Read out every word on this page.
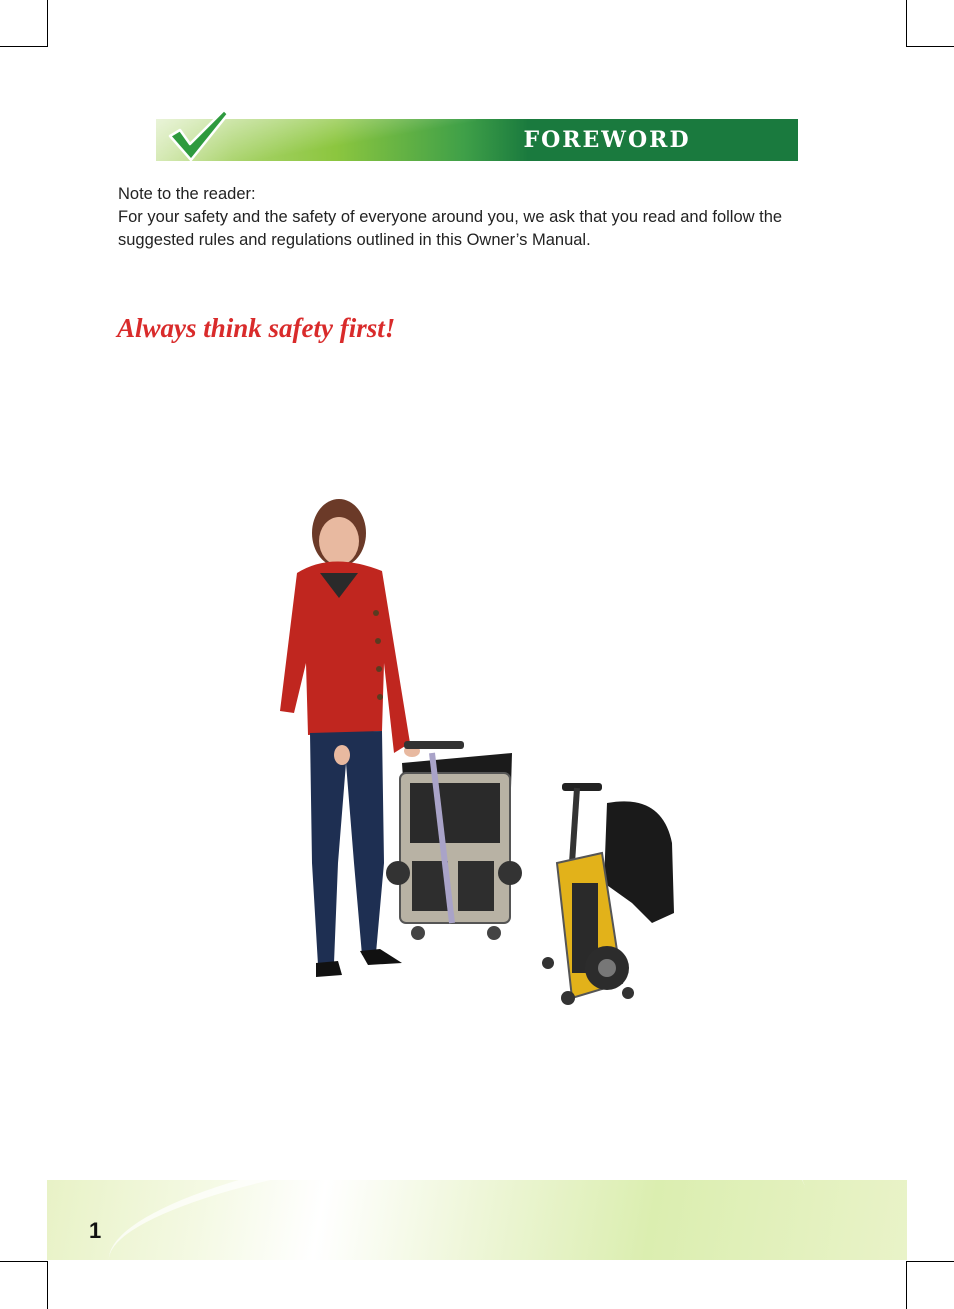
FOREWORD

Note to the reader:

For your safety and the safety of everyone around you, we ask that you read and follow the suggested rules and regulations outlined in this Owner’s Manual.

Always think safety first!
1
